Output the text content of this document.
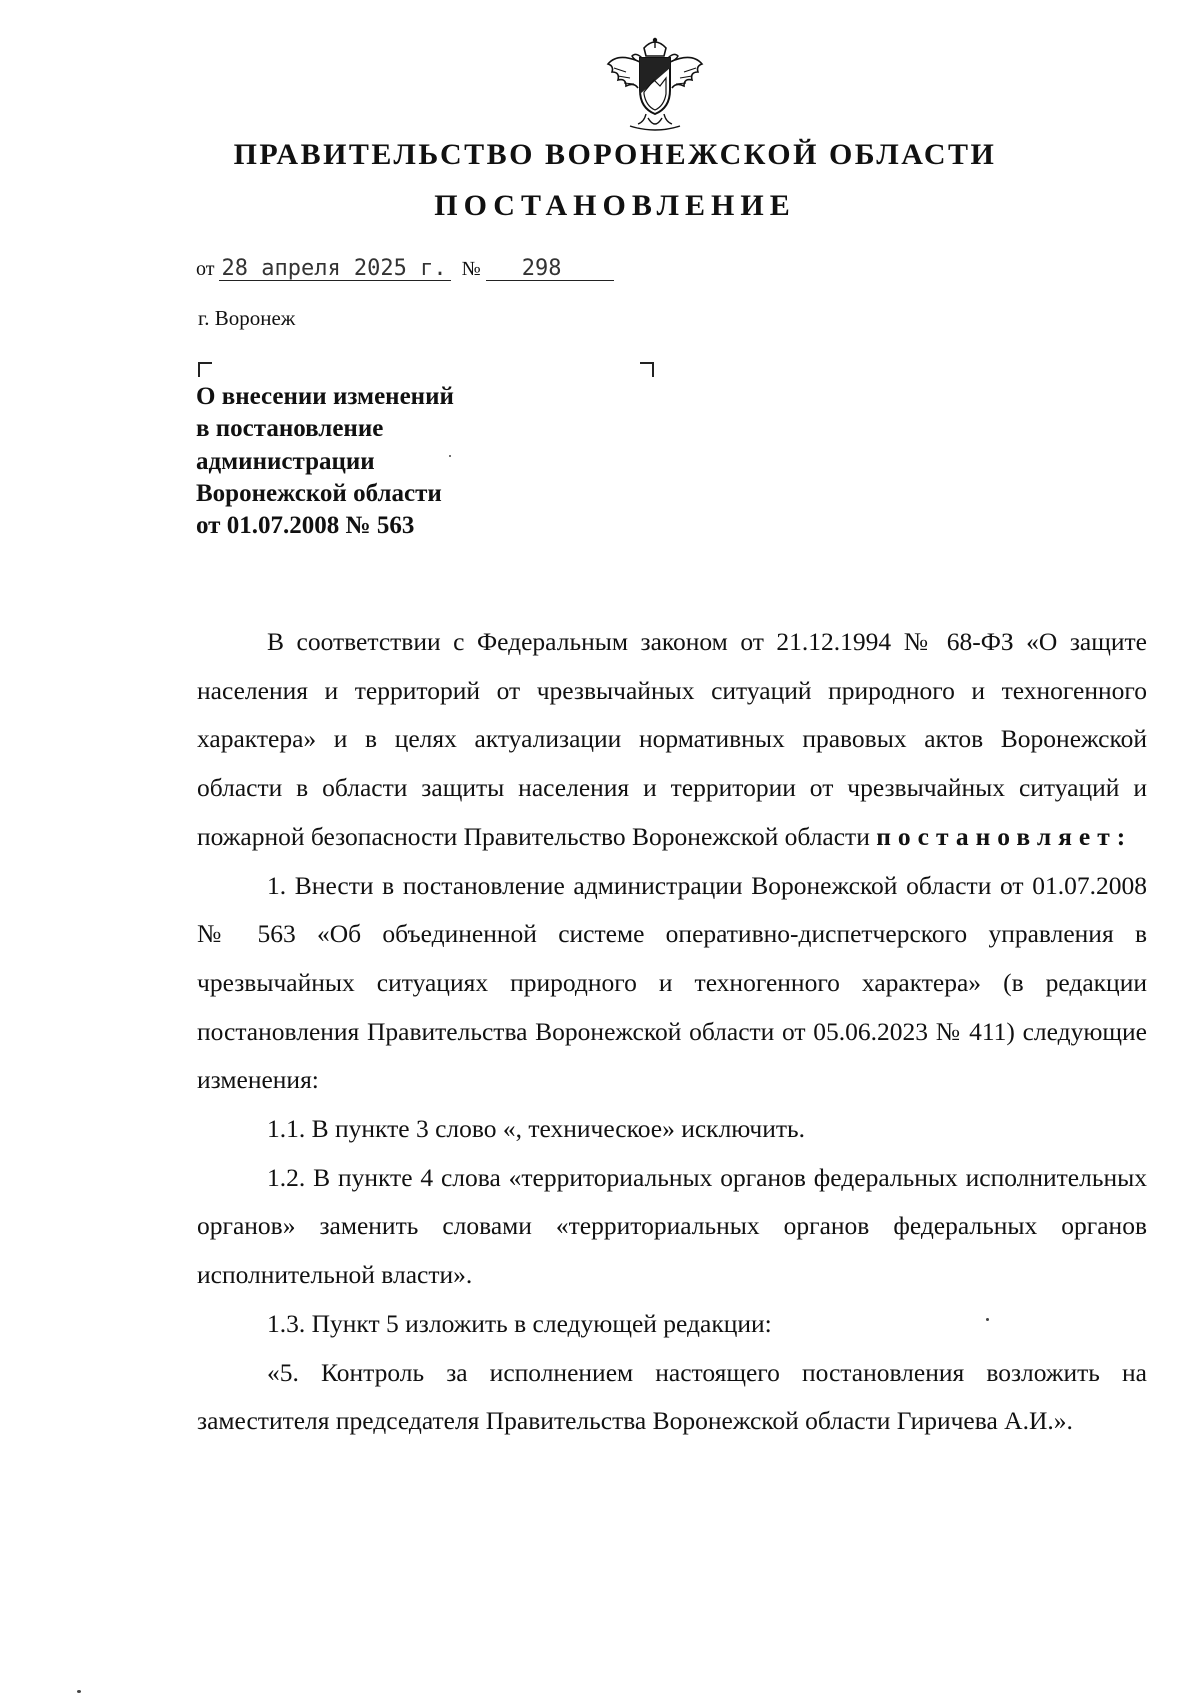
ПРАВИТЕЛЬСТВО ВОРОНЕЖСКОЙ ОБЛАСТИ
ПОСТАНОВЛЕНИЕ
от 28 апреля 2025 г. № 298
г. Воронеж
О внесении изменений
в постановление
администрации
Воронежской области
от 01.07.2008 № 563

В соответствии с Федеральным законом от 21.12.1994 № 68-ФЗ «О защите населения и территорий от чрезвычайных ситуаций природного и техногенного характера» и в целях актуализации нормативных правовых актов Воронежской области в области защиты населения и территории от чрезвычайных ситуаций и пожарной безопасности Правительство Воронежской области постановляет:

1. Внести в постановление администрации Воронежской области от 01.07.2008 № 563 «Об объединенной системе оперативно-диспетчерского управления в чрезвычайных ситуациях природного и техногенного характера» (в редакции постановления Правительства Воронежской области от 05.06.2023 № 411) следующие изменения:

1.1. В пункте 3 слово «, техническое» исключить.

1.2. В пункте 4 слова «территориальных органов федеральных исполнительных органов» заменить словами «территориальных органов федеральных органов исполнительной власти».

1.3. Пункт 5 изложить в следующей редакции:

«5. Контроль за исполнением настоящего постановления возложить на заместителя председателя Правительства Воронежской области Гиричева А.И.».
